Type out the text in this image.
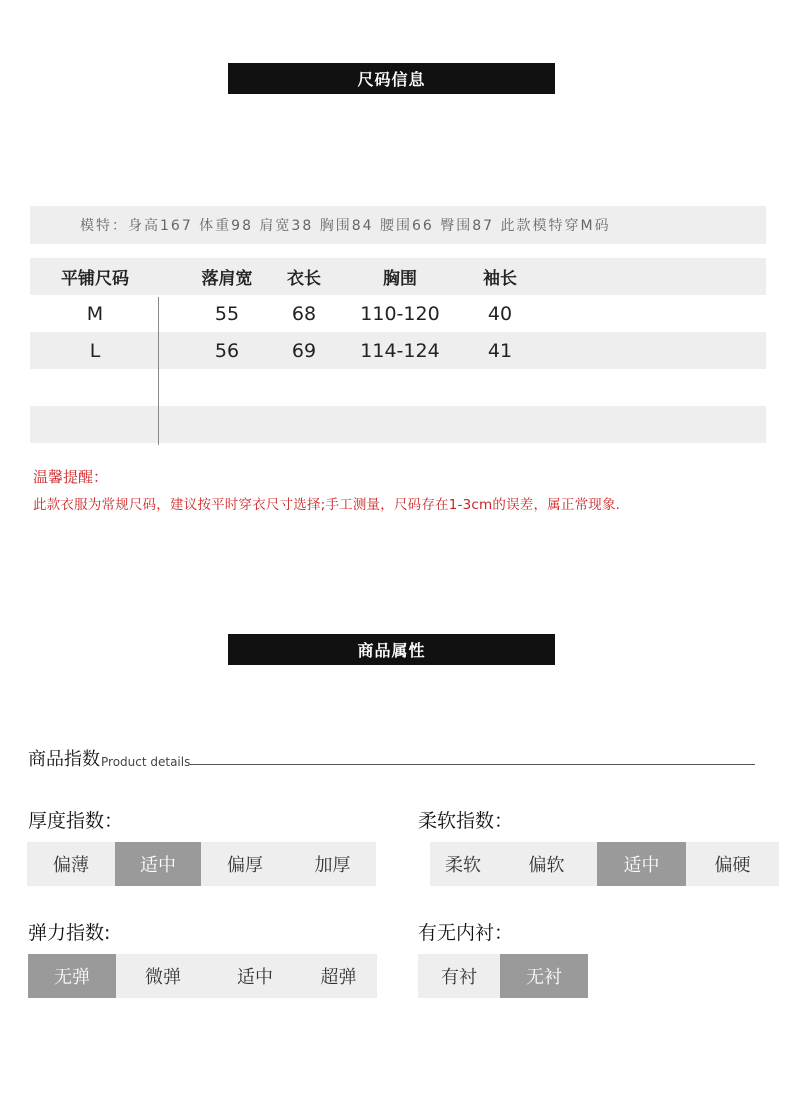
尺码信息
模特：身高167 体重98 肩宽38 胸围84 腰围66 臀围87 此款模特穿M码
平铺尺码	落肩宽	衣长	胸围	袖长
M	55	68	110-120	40
L	56	69	114-124	41
温馨提醒：
此款衣服为常规尺码，建议按平时穿衣尺寸选择;手工测量，尺码存在1-3cm的误差，属正常现象.
商品属性
商品指数 Product details
厚度指数：
偏薄	适中	偏厚	加厚
柔软指数：
柔软	偏软	适中	偏硬
弹力指数:
无弹	微弹	适中	超弹
有无内衬：
有衬	无衬
